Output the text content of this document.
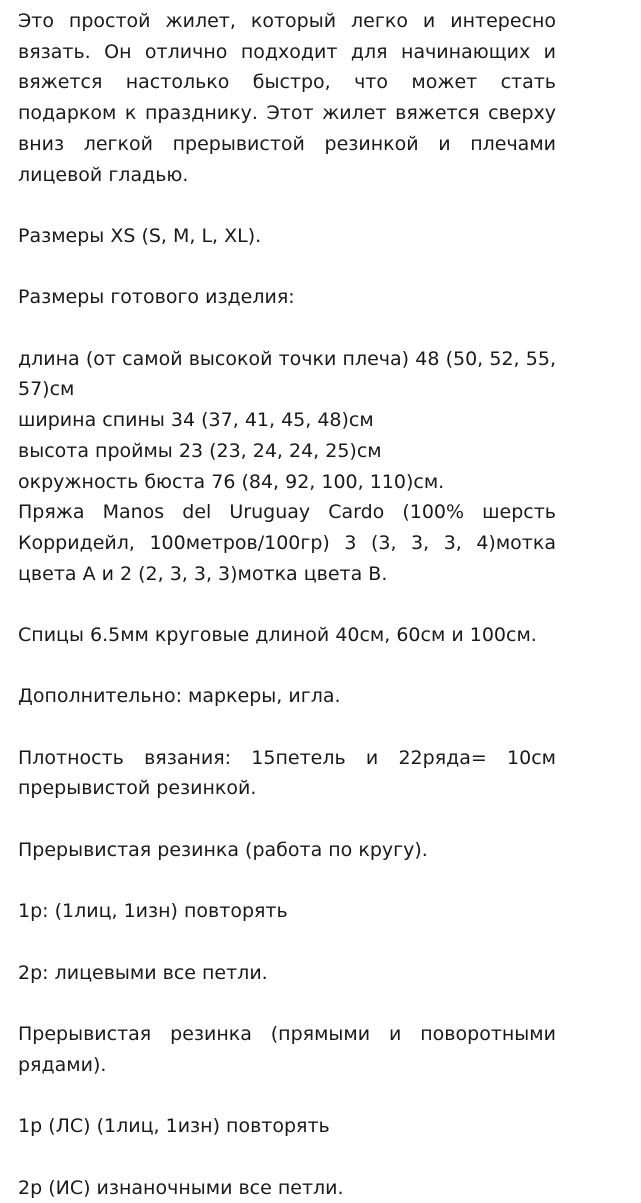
Это простой жилет, который легко и интересно вязать. Он отлично подходит для начинающих и вяжется настолько быстро, что может стать подарком к празднику. Этот жилет вяжется сверху вниз легкой прерывистой резинкой и плечами лицевой гладью.

Размеры XS (S, M, L, XL).

Размеры готового изделия:

длина (от самой высокой точки плеча) 48 (50, 52, 55, 57)см

ширина спины 34 (37, 41, 45, 48)см

высота проймы 23 (23, 24, 24, 25)см

окружность бюста 76 (84, 92, 100, 110)см.

Пряжа Manos del Uruguay Cardo (100% шерсть Корридейл, 100метров/100гр) 3 (3, 3, 3, 4)мотка цвета A и 2 (2, 3, 3, 3)мотка цвета B.

Спицы 6.5мм круговые длиной 40см, 60см и 100см.

Дополнительно: маркеры, игла.

Плотность вязания: 15петель и 22ряда= 10см прерывистой резинкой.

Прерывистая резинка (работа по кругу).

1р: (1лиц, 1изн) повторять

2р: лицевыми все петли.

Прерывистая резинка (прямыми и поворотными рядами).

1р (ЛС) (1лиц, 1изн) повторять

2р (ИС) изнаночными все петли.
